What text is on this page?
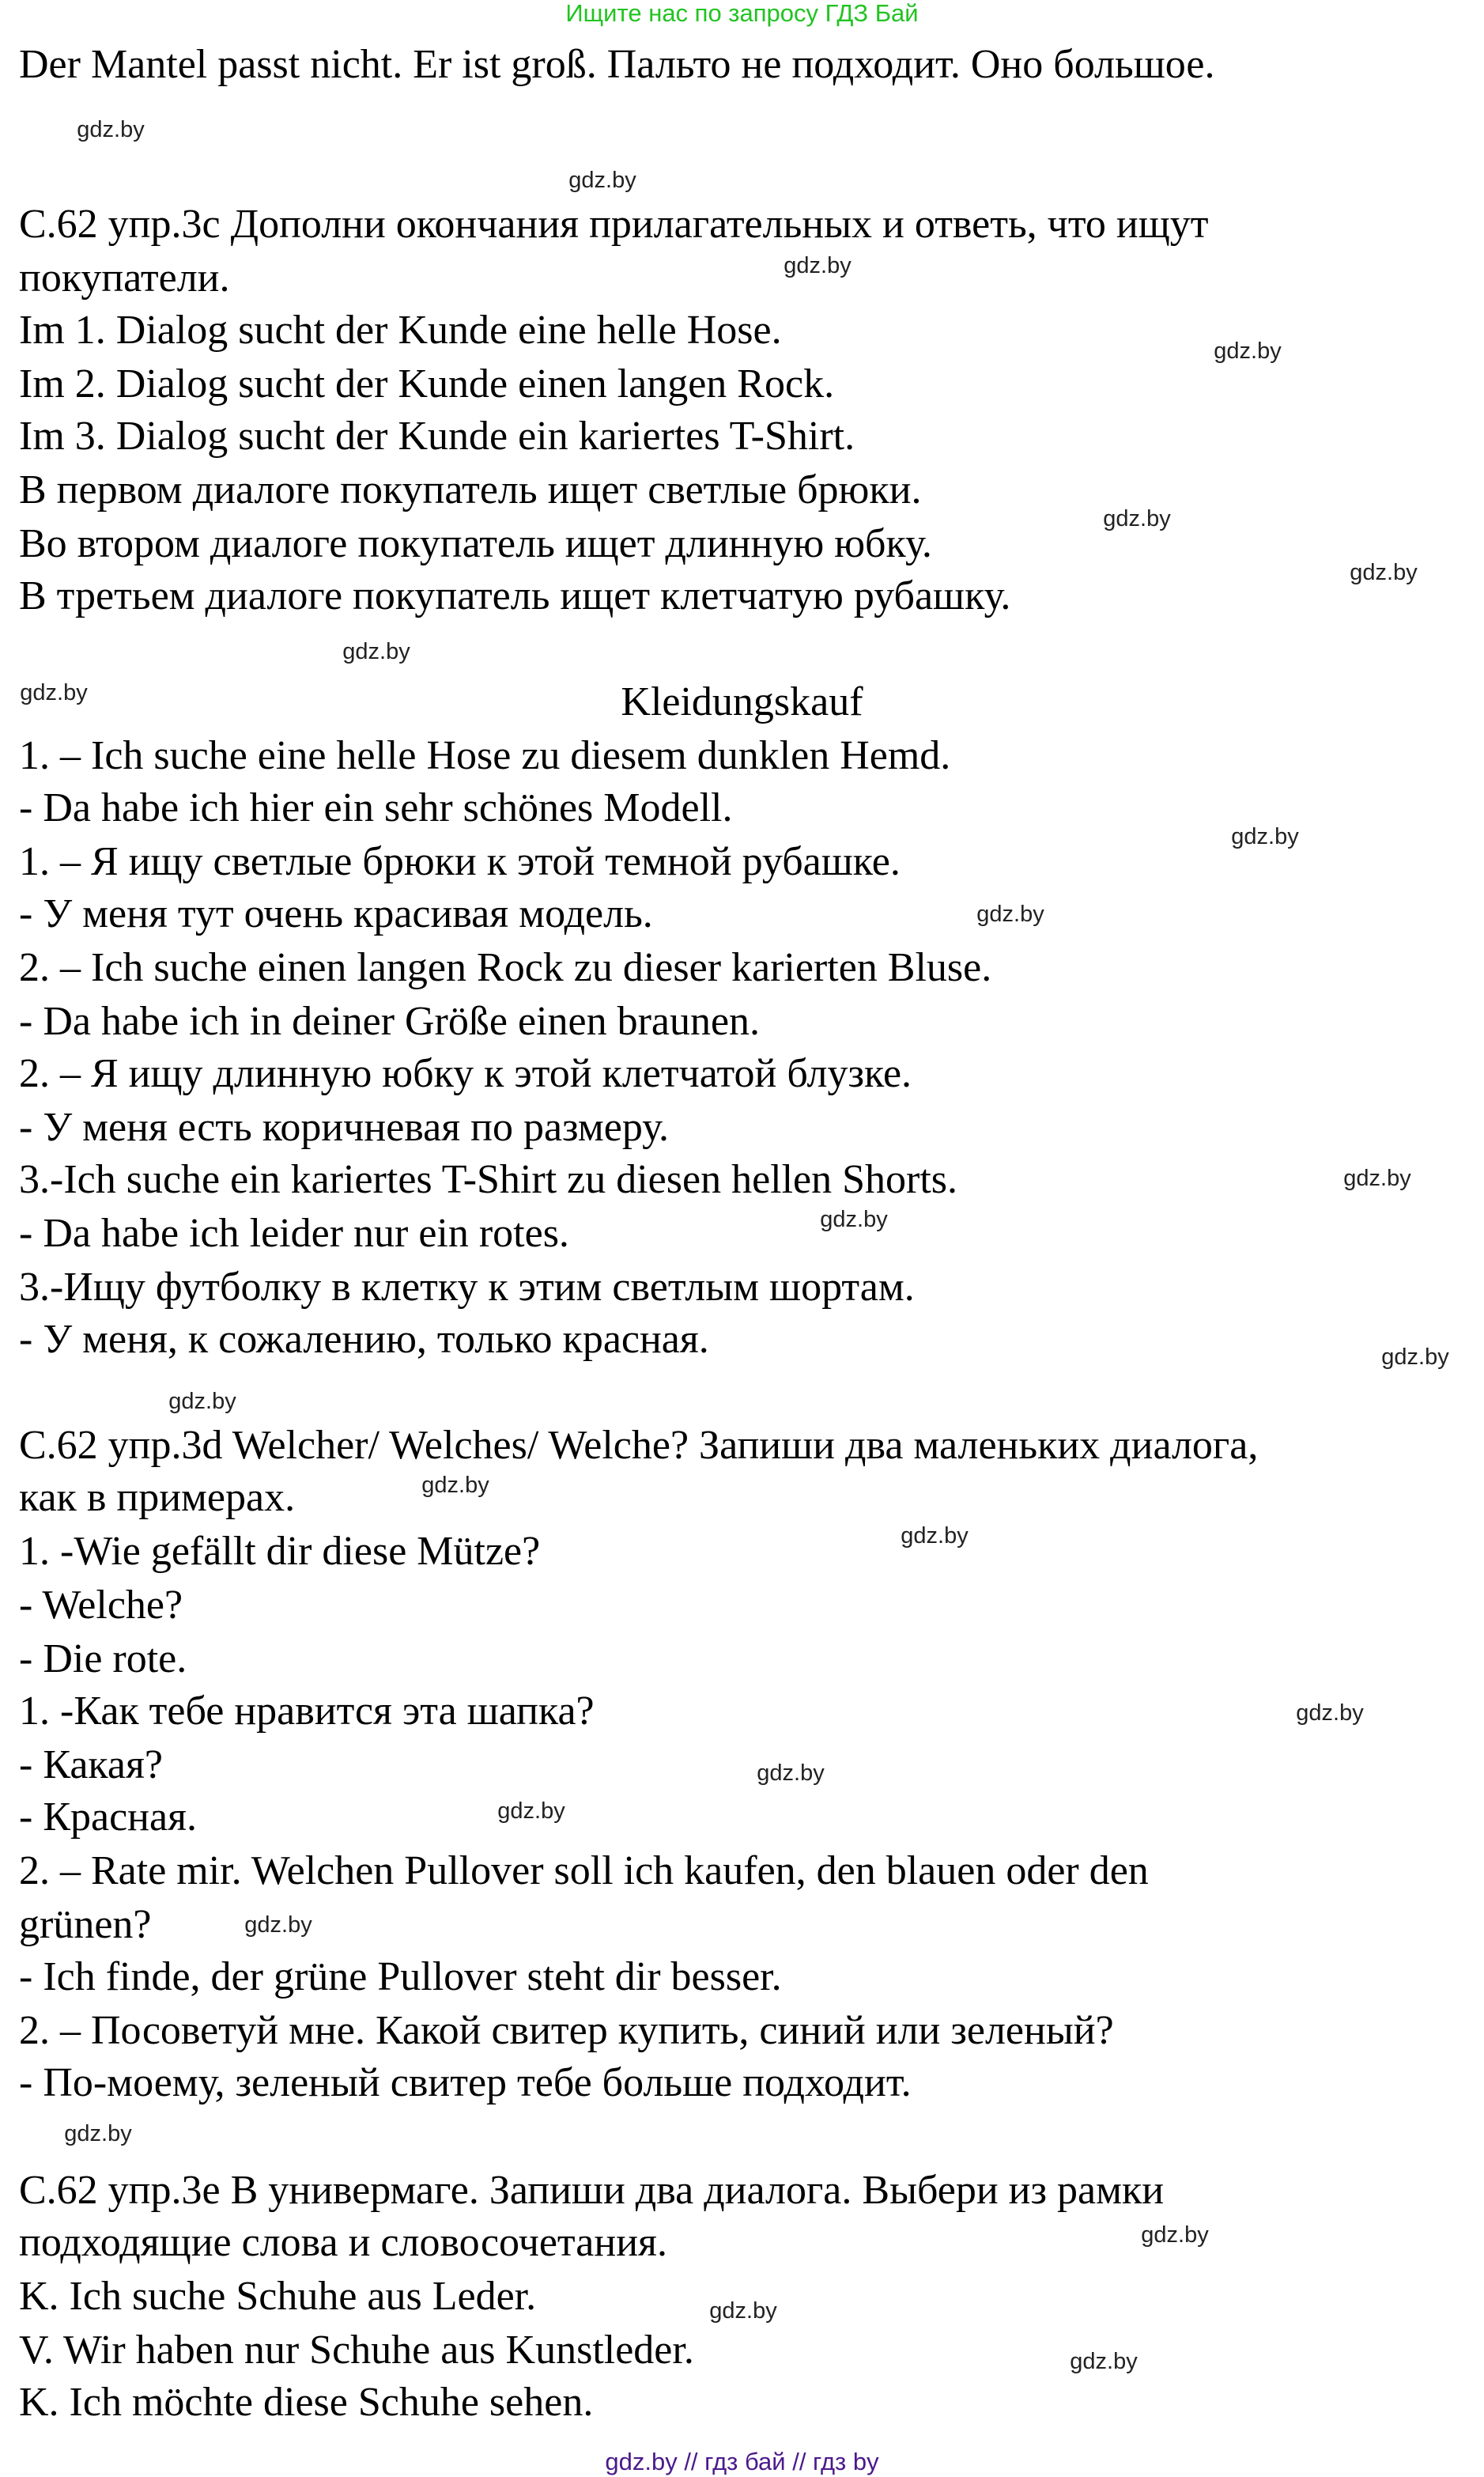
Ищите нас по запросу ГДЗ Бай
Der Mantel passt nicht. Er ist groß. Пальто не подходит. Оно большое.
С.62 упр.3с Дополни окончания прилагательных и ответь, что ищут
покупатели.
Im 1. Dialog sucht der Kunde eine helle Hose.
Im 2. Dialog sucht der Kunde einen langen Rock.
Im 3. Dialog sucht der Kunde ein kariertes T-Shirt.
В первом диалоге покупатель ищет светлые брюки.
Во втором диалоге покупатель ищет длинную юбку.
В третьем диалоге покупатель ищет клетчатую рубашку.
Kleidungskauf
1. – Ich suche eine helle Hose zu diesem dunklen Hemd.
- Da habe ich hier ein sehr schönes Modell.
1. – Я ищу светлые брюки к этой темной рубашке.
- У меня тут очень красивая модель.
2. – Ich suche einen langen Rock zu dieser karierten Bluse.
- Da habe ich in deiner Größe einen braunen.
2. – Я ищу длинную юбку к этой клетчатой блузке.
- У меня есть коричневая по размеру.
3.-Ich suche ein kariertes T-Shirt zu diesen hellen Shorts.
- Da habe ich leider nur ein rotes.
3.-Ищу футболку в клетку к этим светлым шортам.
- У меня, к сожалению, только красная.
С.62 упр.3d Welcher/ Welches/ Welche? Запиши два маленьких диалога,
как в примерах.
1. -Wie gefällt dir diese Mütze?
- Welche?
- Die rote.
1. -Как тебе нравится эта шапка?
- Какая?
- Красная.
2. – Rate mir. Welchen Pullover soll ich kaufen, den blauen oder den
grünen?
- Ich finde, der grüne Pullover steht dir besser.
2. – Посоветуй мне. Какой свитер купить, синий или зеленый?
- По-моему, зеленый свитер тебе больше подходит.
С.62 упр.3е В универмаге. Запиши два диалога. Выбери из рамки
подходящие слова и словосочетания.
K. Ich suche Schuhe aus Leder.
V. Wir haben nur Schuhe aus Kunstleder.
K. Ich möchte diese Schuhe sehen.
gdz.by
gdz.by
gdz.by
gdz.by
gdz.by
gdz.by
gdz.by
gdz.by
gdz.by
gdz.by
gdz.by
gdz.by
gdz.by
gdz.by
gdz.by
gdz.by
gdz.by
gdz.by
gdz.by
gdz.by
gdz.by
gdz.by
gdz.by
gdz.by
gdz.by // гдз бай // гдз by
